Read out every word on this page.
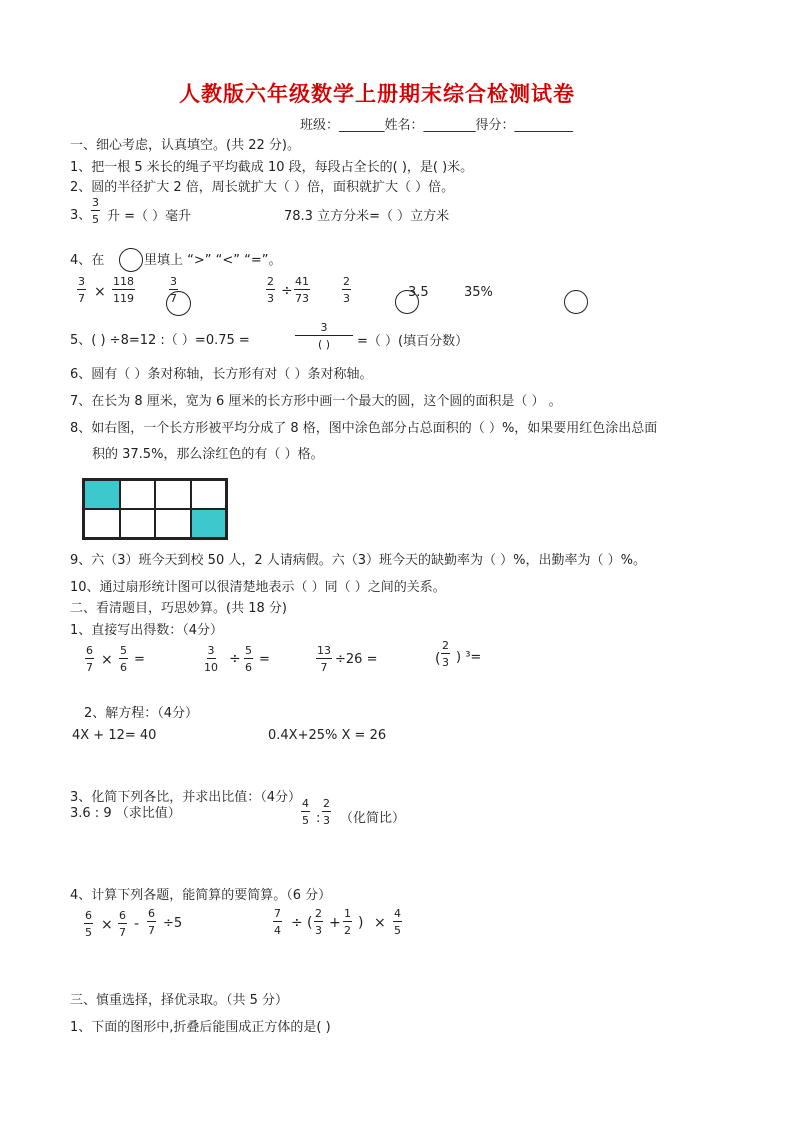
人教版六年级数学上册期末综合检测试卷
班级：_______姓名：________得分：_________
一、细心考虑，认真填空。(共 22 分)。
1、把一根 5 米长的绳子平均截成 10 段，每段占全长的( )，是( )米。
2、圆的半径扩大 2 倍，周长就扩大（ ）倍，面积就扩大（ ）倍。
3、 $\frac{3}{5}$ 升 =（ ）毫升	78.3 立方分米=（ ）立方米
4、在	里填上 “>” “<” “=”。
$\frac{3}{7} \times \frac{118}{119}$	$\frac{3}{7}$	$\frac{2}{3} \div \frac{41}{73}$	$\frac{2}{3}$	3.5	35%
5、( ) ÷8=12 :（ ）=0.75 =
3
( ) =（ ）(填百分数）
6、圆有（ ）条对称轴，长方形有对（ ）条对称轴。
7、在长为 8 厘米，宽为 6 厘米的长方形中画一个最大的圆，这个圆的面积是（ ） 。
8、如右图，一个长方形被平均分成了 8 格，图中涂色部分占总面积的（ ）%，如果要用红色涂出总面
积的 37.5%，那么涂红色的有（ ）格。
9、六（3）班今天到校 50 人，2 人请病假。六（3）班今天的缺勤率为（ ）%，出勤率为（ ）%。
10、通过扇形统计图可以很清楚地表示（ ）同（ ）之间的关系。
二、看清题目，巧思妙算。(共 18 分)
1、直接写出得数：（4分）
$\frac{6}{7} \times \frac{5}{6}$ =	$\frac{3}{10} \div \frac{5}{6}$ =	$\frac{13}{7} \div 26$ =	( $\frac{2}{3}$ ) ³=
2、解方程：（4分）
4X + 12= 40	0.4X+25% X = 26
3、化简下列各比，并求出比值：（4分）
3.6 : 9 （求比值）	$\frac{4}{5}$ : $\frac{2}{3}$ （化简比）
4、计算下列各题，能简算的要简算。（6 分）
$\frac{6}{5} \times \frac{6}{7} - \frac{6}{7} \div 5$	$\frac{7}{4}$ ÷ ( $\frac{2}{3} + \frac{1}{2}$ ) × $\frac{4}{5}$
三、慎重选择，择优录取。（共 5 分）
1、下面的图形中,折叠后能围成正方体的是( )
